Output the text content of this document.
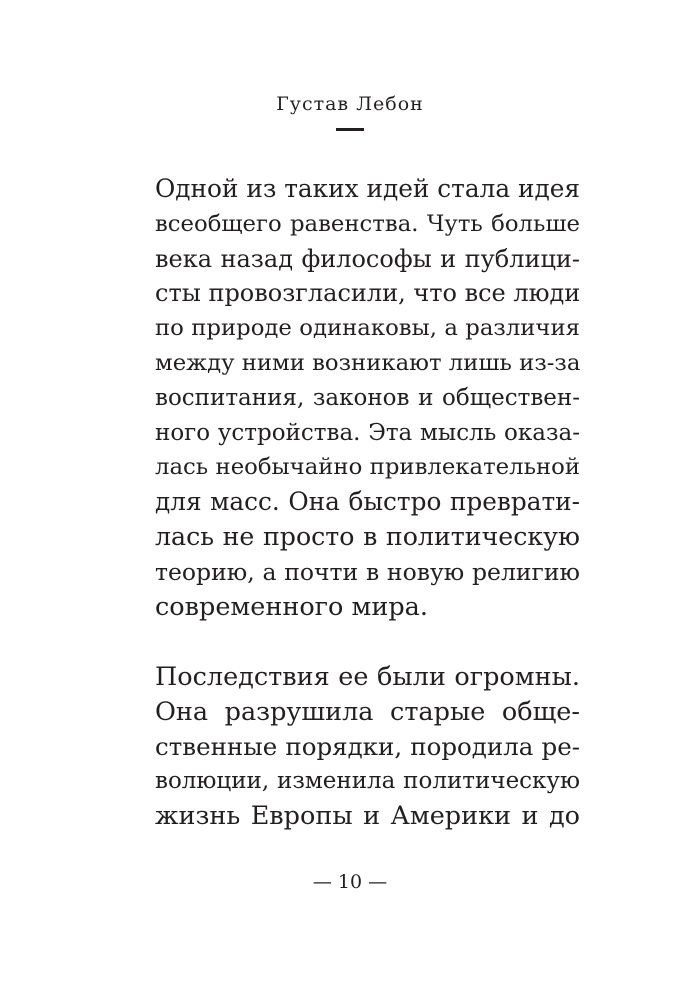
Густав Лебон
Одной из таких идей стала идея
всеобщего равенства. Чуть больше
века назад философы и публици-
сты провозгласили, что все люди
по природе одинаковы, а различия
между ними возникают лишь из-за
воспитания, законов и обществен-
ного устройства. Эта мысль оказа-
лась необычайно привлекательной
для масс. Она быстро преврати-
лась не просто в политическую
теорию, а почти в новую религию
современного мира.
Последствия ее были огромны.
Она разрушила старые обще-
ственные порядки, породила ре-
волюции, изменила политическую
жизнь Европы и Америки и до
— 10 —
